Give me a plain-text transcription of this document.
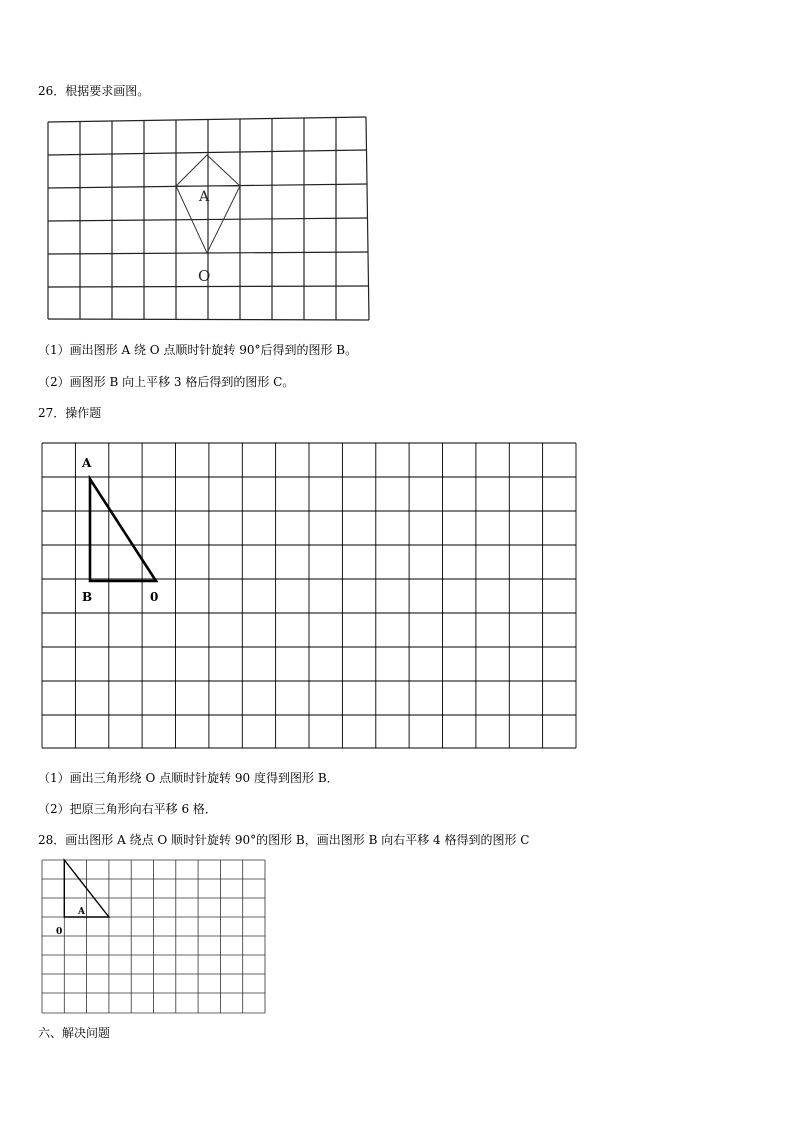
26．根据要求画图。
A
O
A
B	0
A
0
（1）画出图形 A 绕 O 点顺时针旋转 90°后得到的图形 B。
（2）画图形 B 向上平移 3 格后得到的图形 C。
27．操作题
（1）画出三角形绕 O 点顺时针旋转 90 度得到图形 B．
（2）把原三角形向右平移 6 格．
28．画出图形 A 绕点 O 顺时针旋转 90°的图形 B，画出图形 B 向右平移 4 格得到的图形 C
六、解决问题
